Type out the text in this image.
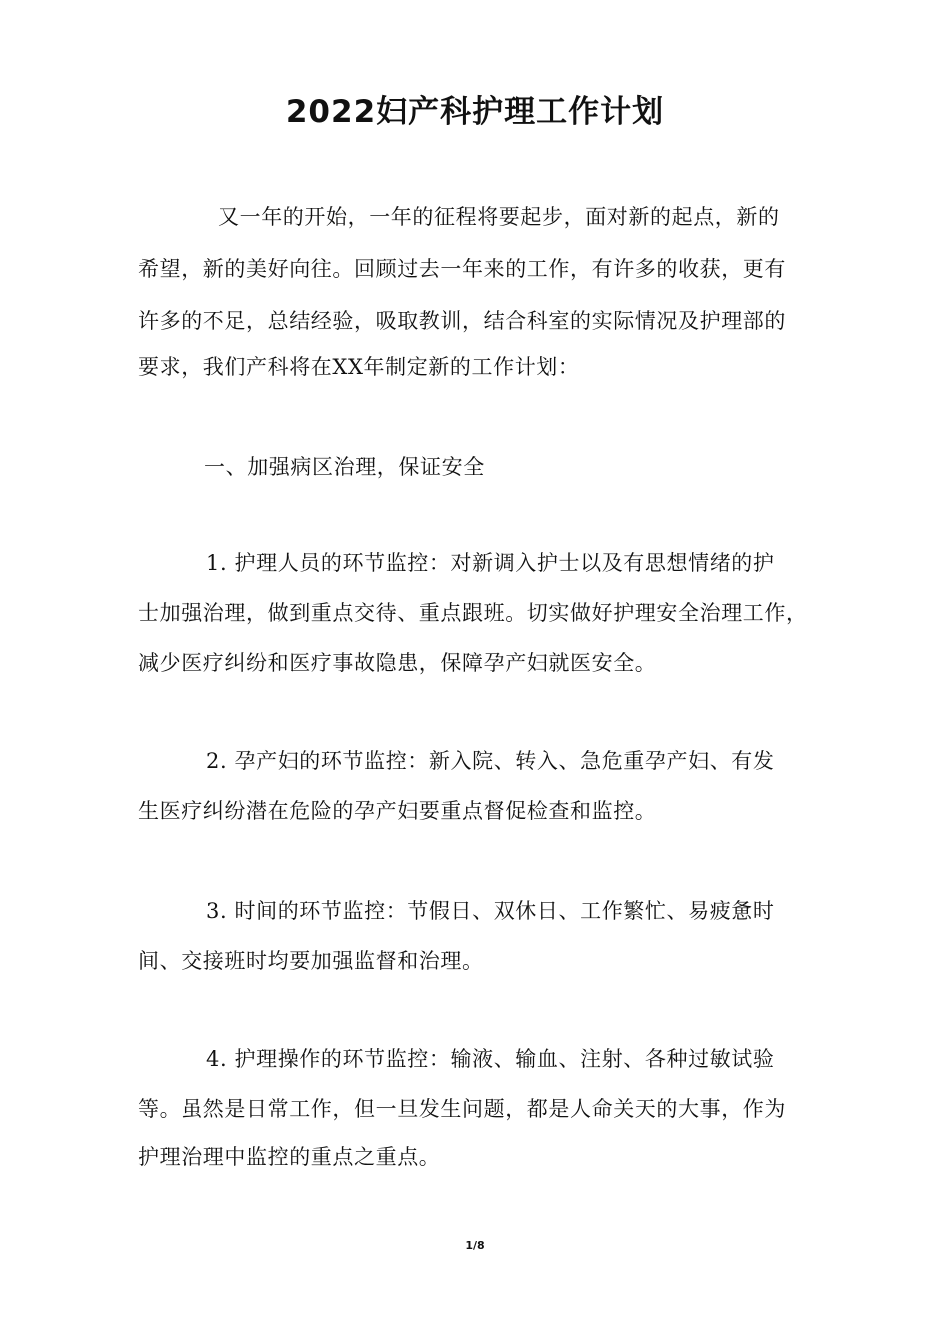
2022妇产科护理工作计划
又一年的开始，一年的征程将要起步，面对新的起点，新的
希望，新的美好向往。回顾过去一年来的工作，有许多的收获，更有
许多的不足，总结经验，吸取教训，结合科室的实际情况及护理部的
要求，我们产科将在XX年制定新的工作计划：
一、加强病区治理，保证安全
1. 护理人员的环节监控：对新调入护士以及有思想情绪的护
士加强治理，做到重点交待、重点跟班。切实做好护理安全治理工作，
减少医疗纠纷和医疗事故隐患，保障孕产妇就医安全。
2. 孕产妇的环节监控：新入院、转入、急危重孕产妇、有发
生医疗纠纷潜在危险的孕产妇要重点督促检查和监控。
3. 时间的环节监控：节假日、双休日、工作繁忙、易疲惫时
间、交接班时均要加强监督和治理。
4. 护理操作的环节监控：输液、输血、注射、各种过敏试验
等。虽然是日常工作，但一旦发生问题，都是人命关天的大事，作为
护理治理中监控的重点之重点。
1/8
